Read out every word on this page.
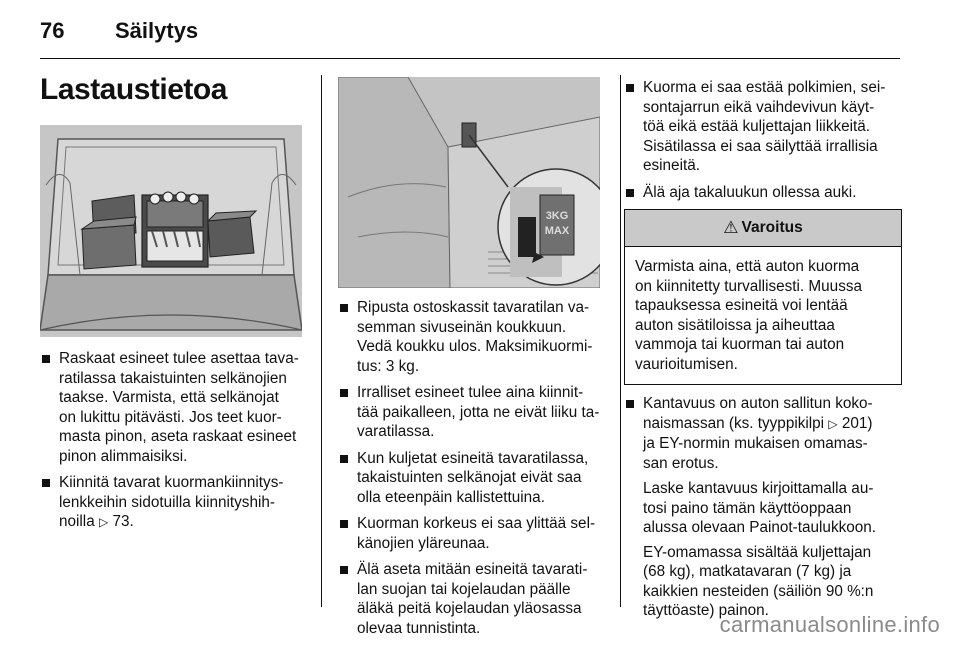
76 Säilytys
Lastaustietoa
3KG
MAX
Raskaat esineet tulee asettaa tava-
ratilassa takaistuinten selkänojien
taakse. Varmista, että selkänojat
on lukittu pitävästi. Jos teet kuor-
masta pinon, aseta raskaat esineet
pinon alimmaisiksi.
Kiinnitä tavarat kuormankiinnitys-
lenkkeihin sidotuilla kiinnityshih-
noilla ▷ 73.
Ripusta ostoskassit tavaratilan va-
semman sivuseinän koukkuun.
Vedä koukku ulos. Maksimikuormi-
tus: 3 kg.
Irralliset esineet tulee aina kiinnit-
tää paikalleen, jotta ne eivät liiku ta-
varatilassa.
Kun kuljetat esineitä tavaratilassa,
takaistuinten selkänojat eivät saa
olla eteenpäin kallistettuina.
Kuorman korkeus ei saa ylittää sel-
känojien yläreunaa.
Älä aseta mitään esineitä tavarati-
lan suojan tai kojelaudan päälle
äläkä peitä kojelaudan yläosassa
olevaa tunnistinta.
Kuorma ei saa estää polkimien, sei-
sontajarrun eikä vaihdevivun käyt-
töä eikä estää kuljettajan liikkeitä.
Sisätilassa ei saa säilyttää irrallisia
esineitä.
Älä aja takaluukun ollessa auki.
⚠ Varoitus
Varmista aina, että auton kuorma
on kiinnitetty turvallisesti. Muussa
tapauksessa esineitä voi lentää
auton sisätiloissa ja aiheuttaa
vammoja tai kuorman tai auton
vaurioitumisen.
Kantavuus on auton sallitun koko-
naismassan (ks. tyyppikilpi ▷ 201)
ja EY-normin mukaisen omamas-
san erotus.
Laske kantavuus kirjoittamalla au-
tosi paino tämän käyttöoppaan
alussa olevaan Painot-taulukkoon.
EY-omamassa sisältää kuljettajan
(68 kg), matkatavaran (7 kg) ja
kaikkien nesteiden (säiliön 90 %:n
täyttöaste) painon.
carmanualsonline.info
